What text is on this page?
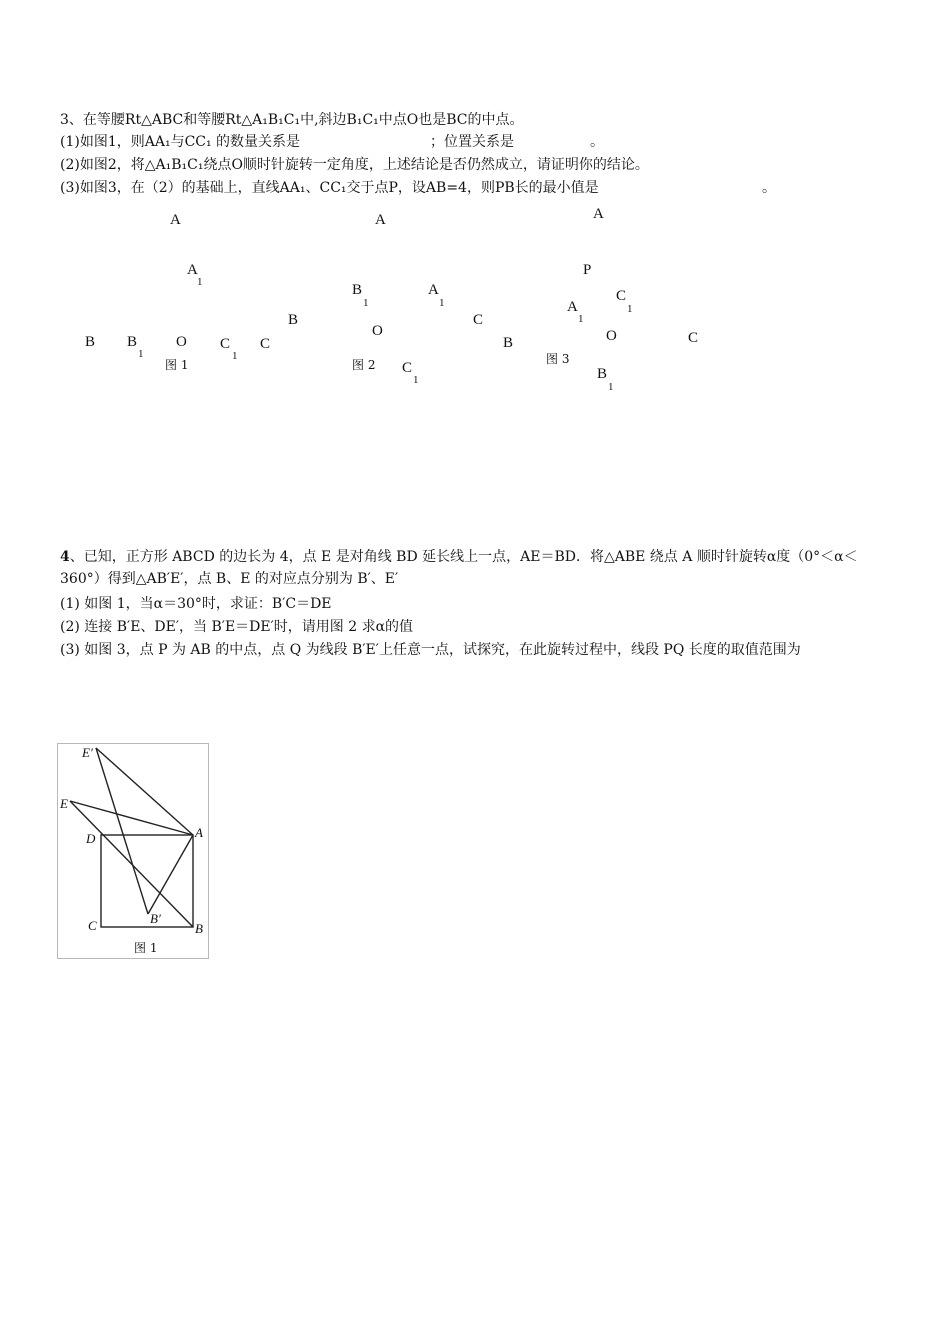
3、在等腰Rt△ABC和等腰Rt△A₁B₁C₁中,斜边B₁C₁中点O也是BC的中点。
(1)如图1，则AA₁与CC₁ 的数量关系是	；位置关系是	。
(2)如图2，将△A₁B₁C₁绕点O顺时针旋转一定角度，上述结论是否仍然成立，请证明你的结论。
(3)如图3，在（2）的基础上，直线AA₁、CC₁交于点P，设AB=4，则PB长的最小值是	。
A
A
1
B B
1
O C
1
C
图 1
A
B
1
A
1
B
O
C
图 2 C
1
A
P
C
1
A
1
O	C
B
图 3
B
1
4、已知，正方形 ABCD 的边长为 4，点 E 是对角线 BD 延长线上一点，AE＝BD．将△ABE 绕点 A 顺时针旋转α度（0°＜α＜360°）得到△AB′E′，点 B、E 的对应点分别为 B′、E′
(1) 如图 1，当α＝30°时，求证：B′C＝DE
(2) 连接 B′E、DE′，当 B′E＝DE′时，请用图 2 求α的值
(3) 如图 3，点 P 为 AB 的中点，点 Q 为线段 B′E′上任意一点，试探究，在此旋转过程中，线段 PQ 长度的取值范围为
E′
E
D	A
C	B′
B
图 1
